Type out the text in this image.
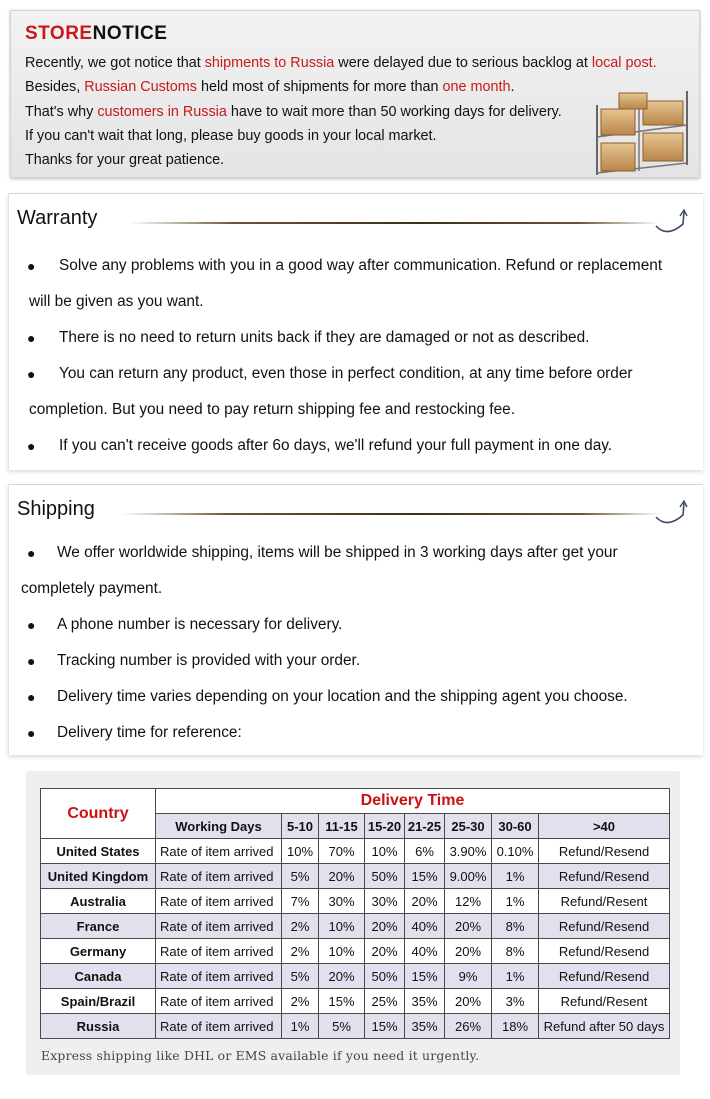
STORENOTICE
Recently, we got notice that shipments to Russia were delayed due to serious backlog at local post.
Besides, Russian Customs held most of shipments for more than one month.
That's why customers in Russia have to wait more than 50 working days for delivery.
If you can't wait that long, please buy goods in your local market.
Thanks for your great patience.
Warranty
● Solve any problems with you in a good way after communication. Refund or replacement
will be given as you want.
● There is no need to return units back if they are damaged or not as described.
● You can return any product, even those in perfect condition, at any time before order
completion. But you need to pay return shipping fee and restocking fee.
● If you can't receive goods after 6o days, we'll refund your full payment in one day.
Shipping
● We offer worldwide shipping, items will be shipped in 3 working days after get your
completely payment.
● A phone number is necessary for delivery.
● Tracking number is provided with your order.
● Delivery time varies depending on your location and the shipping agent you choose.
● Delivery time for reference:
Country	Delivery Time							
	Working Days	5-10	11-15	15-20	21-25	25-30	30-60	>40
United States	Rate of item arrived	10%	70%	10%	6%	3.90%	0.10%	Refund/Resend
United Kingdom	Rate of item arrived	5%	20%	50%	15%	9.00%	1%	Refund/Resend
Australia	Rate of item arrived	7%	30%	30%	20%	12%	1%	Refund/Resent
France	Rate of item arrived	2%	10%	20%	40%	20%	8%	Refund/Resend
Germany	Rate of item arrived	2%	10%	20%	40%	20%	8%	Refund/Resend
Canada	Rate of item arrived	5%	20%	50%	15%	9%	1%	Refund/Resend
Spain/Brazil	Rate of item arrived	2%	15%	25%	35%	20%	3%	Refund/Resent
Russia	Rate of item arrived	1%	5%	15%	35%	26%	18%	Refund after 50 days
Express shipping like DHL or EMS available if you need it urgently.
